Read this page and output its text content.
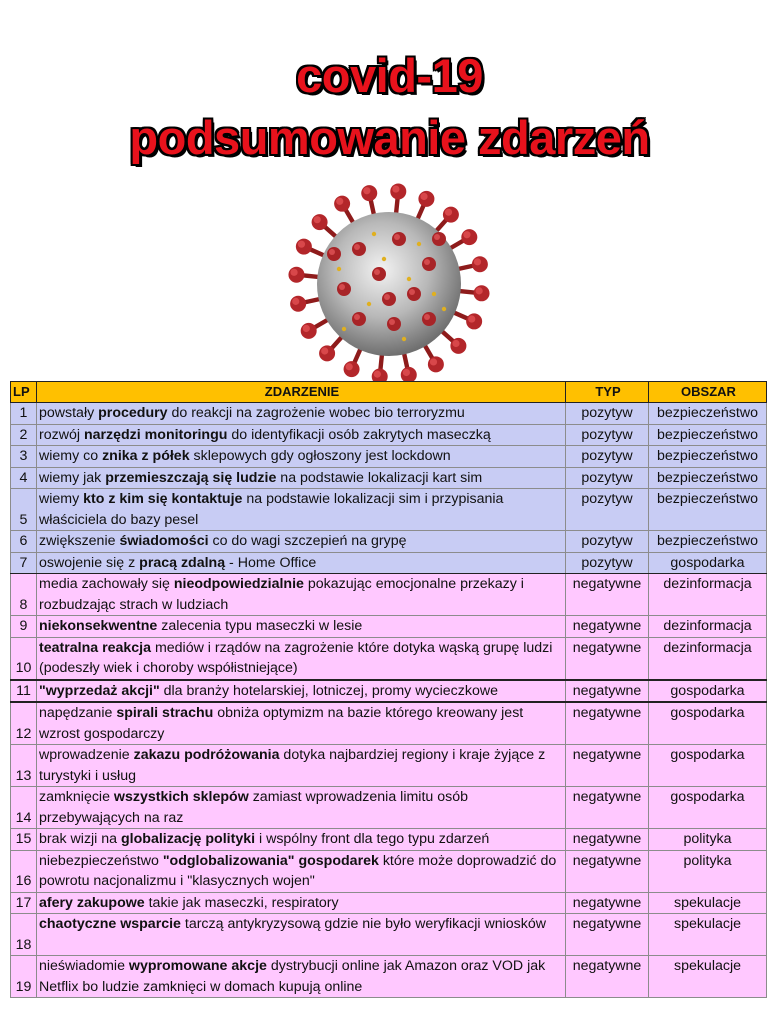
covid-19
podsumowanie zdarzeń
LP	ZDARZENIE	TYP	OBSZAR
1	powstały procedury do reakcji na zagrożenie wobec bio terroryzmu	pozytyw	bezpieczeństwo
2	rozwój narzędzi monitoringu do identyfikacji osób zakrytych maseczką	pozytyw	bezpieczeństwo
3	wiemy co znika z półek sklepowych gdy ogłoszony jest lockdown	pozytyw	bezpieczeństwo
4	wiemy jak przemieszczają się ludzie na podstawie lokalizacji kart sim	pozytyw	bezpieczeństwo
5	wiemy kto z kim się kontaktuje na podstawie lokalizacji sim i przypisania właściciela do bazy pesel	pozytyw	bezpieczeństwo
6	zwiększenie świadomości co do wagi szczepień na grypę	pozytyw	bezpieczeństwo
7	oswojenie się z pracą zdalną - Home Office	pozytyw	gospodarka
8	media zachowały się nieodpowiedzialnie pokazując emocjonalne przekazy i rozbudzając strach w ludziach	negatywne	dezinformacja
9	niekonsekwentne zalecenia typu maseczki w lesie	negatywne	dezinformacja
10	teatralna reakcja mediów i rządów na zagrożenie które dotyka wąską grupę ludzi (podeszły wiek i choroby współistniejące)	negatywne	dezinformacja
11	"wyprzedaż akcji" dla branży hotelarskiej, lotniczej, promy wycieczkowe	negatywne	gospodarka
12	napędzanie spirali strachu obniża optymizm na bazie którego kreowany jest wzrost gospodarczy	negatywne	gospodarka
13	wprowadzenie zakazu podróżowania dotyka najbardziej regiony i kraje żyjące z turystyki i usług	negatywne	gospodarka
14	zamknięcie wszystkich sklepów zamiast wprowadzenia limitu osób przebywających na raz	negatywne	gospodarka
15	brak wizji na globalizację polityki i wspólny front dla tego typu zdarzeń	negatywne	polityka
16	niebezpieczeństwo "odglobalizowania" gospodarek które może doprowadzić do powrotu nacjonalizmu i "klasycznych wojen"	negatywne	polityka
17	afery zakupowe takie jak maseczki, respiratory	negatywne	spekulacje
18	chaotyczne wsparcie tarczą antykryzysową gdzie nie było weryfikacji wniosków	negatywne	spekulacje
19	nieświadomie wypromowane akcje dystrybucji online jak Amazon oraz VOD jak Netflix bo ludzie zamknięci w domach kupują online	negatywne	spekulacje
